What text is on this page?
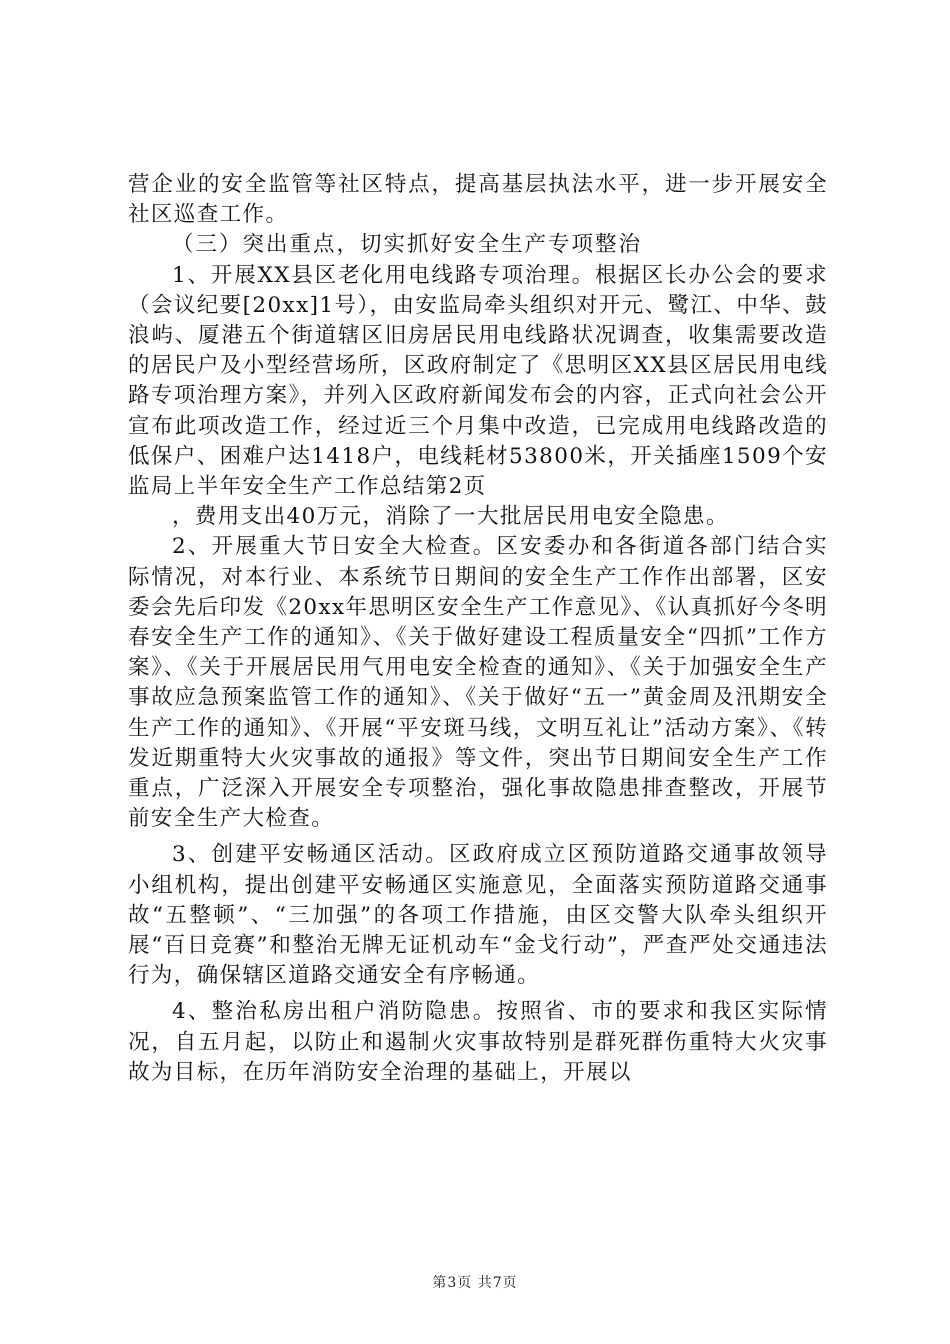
营企业的安全监管等社区特点，提高基层执法水平，进一步开展安全社区巡查工作。

（三）突出重点，切实抓好安全生产专项整治

1、开展XX县区老化用电线路专项治理。根据区长办公会的要求（会议纪要[20xx]1号），由安监局牵头组织对开元、鹭江、中华、鼓浪屿、厦港五个街道辖区旧房居民用电线路状况调查，收集需要改造的居民户及小型经营场所，区政府制定了《思明区XX县区居民用电线路专项治理方案》，并列入区政府新闻发布会的内容，正式向社会公开宣布此项改造工作，经过近三个月集中改造，已完成用电线路改造的低保户、困难户达1418户，电线耗材53800米，开关插座1509个安监局上半年安全生产工作总结第2页

，费用支出40万元，消除了一大批居民用电安全隐患。

2、开展重大节日安全大检查。区安委办和各街道各部门结合实际情况，对本行业、本系统节日期间的安全生产工作作出部署，区安委会先后印发《20xx年思明区安全生产工作意见》、《认真抓好今冬明春安全生产工作的通知》、《关于做好建设工程质量安全“四抓”工作方案》、《关于开展居民用气用电安全检查的通知》、《关于加强安全生产事故应急预案监管工作的通知》、《关于做好“五一”黄金周及汛期安全生产工作的通知》、《开展“平安斑马线，文明互礼让”活动方案》、《转发近期重特大火灾事故的通报》等文件，突出节日期间安全生产工作重点，广泛深入开展安全专项整治，强化事故隐患排查整改，开展节前安全生产大检查。

3、创建平安畅通区活动。区政府成立区预防道路交通事故领导小组机构，提出创建平安畅通区实施意见，全面落实预防道路交通事故“五整顿”、“三加强”的各项工作措施，由区交警大队牵头组织开展“百日竞赛”和整治无牌无证机动车“金戈行动”，严查严处交通违法行为，确保辖区道路交通安全有序畅通。

4、整治私房出租户消防隐患。按照省、市的要求和我区实际情况，自五月起，以防止和遏制火灾事故特别是群死群伤重特大火灾事故为目标，在历年消防安全治理的基础上，开展以

第3页 共7页
